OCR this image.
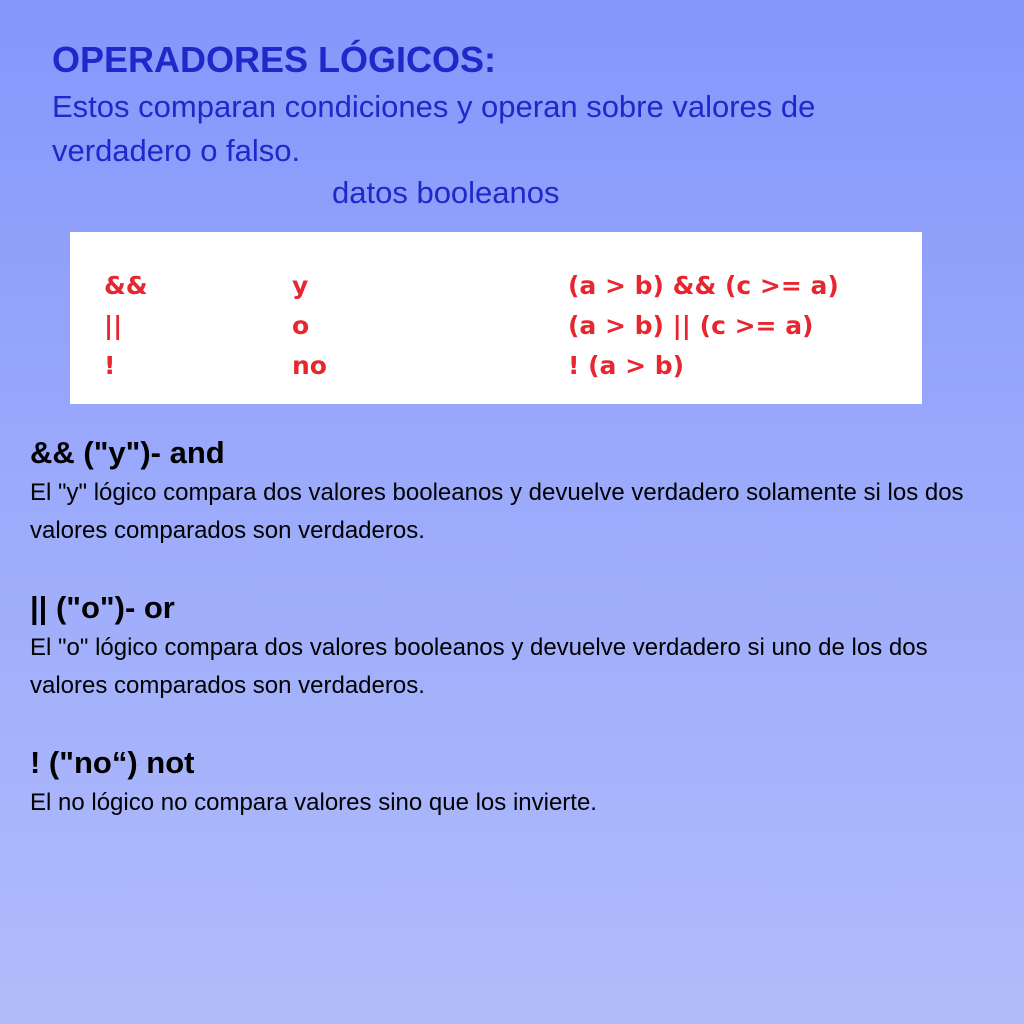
OPERADORES LÓGICOS:

Estos comparan condiciones y operan sobre valores de verdadero o falso.

datos booleanos

&&	y	(a > b) && (c >= a)
||	o	(a > b) || (c >= a)
!	no	! (a > b)
&& ("y")- and

El "y" lógico compara dos valores booleanos y devuelve verdadero solamente si los dos valores comparados son verdaderos.

|| ("o")- or

El "o" lógico compara dos valores booleanos y devuelve verdadero si uno de los dos valores comparados son verdaderos.

! ("no“) not

El no lógico no compara valores sino que los invierte.
